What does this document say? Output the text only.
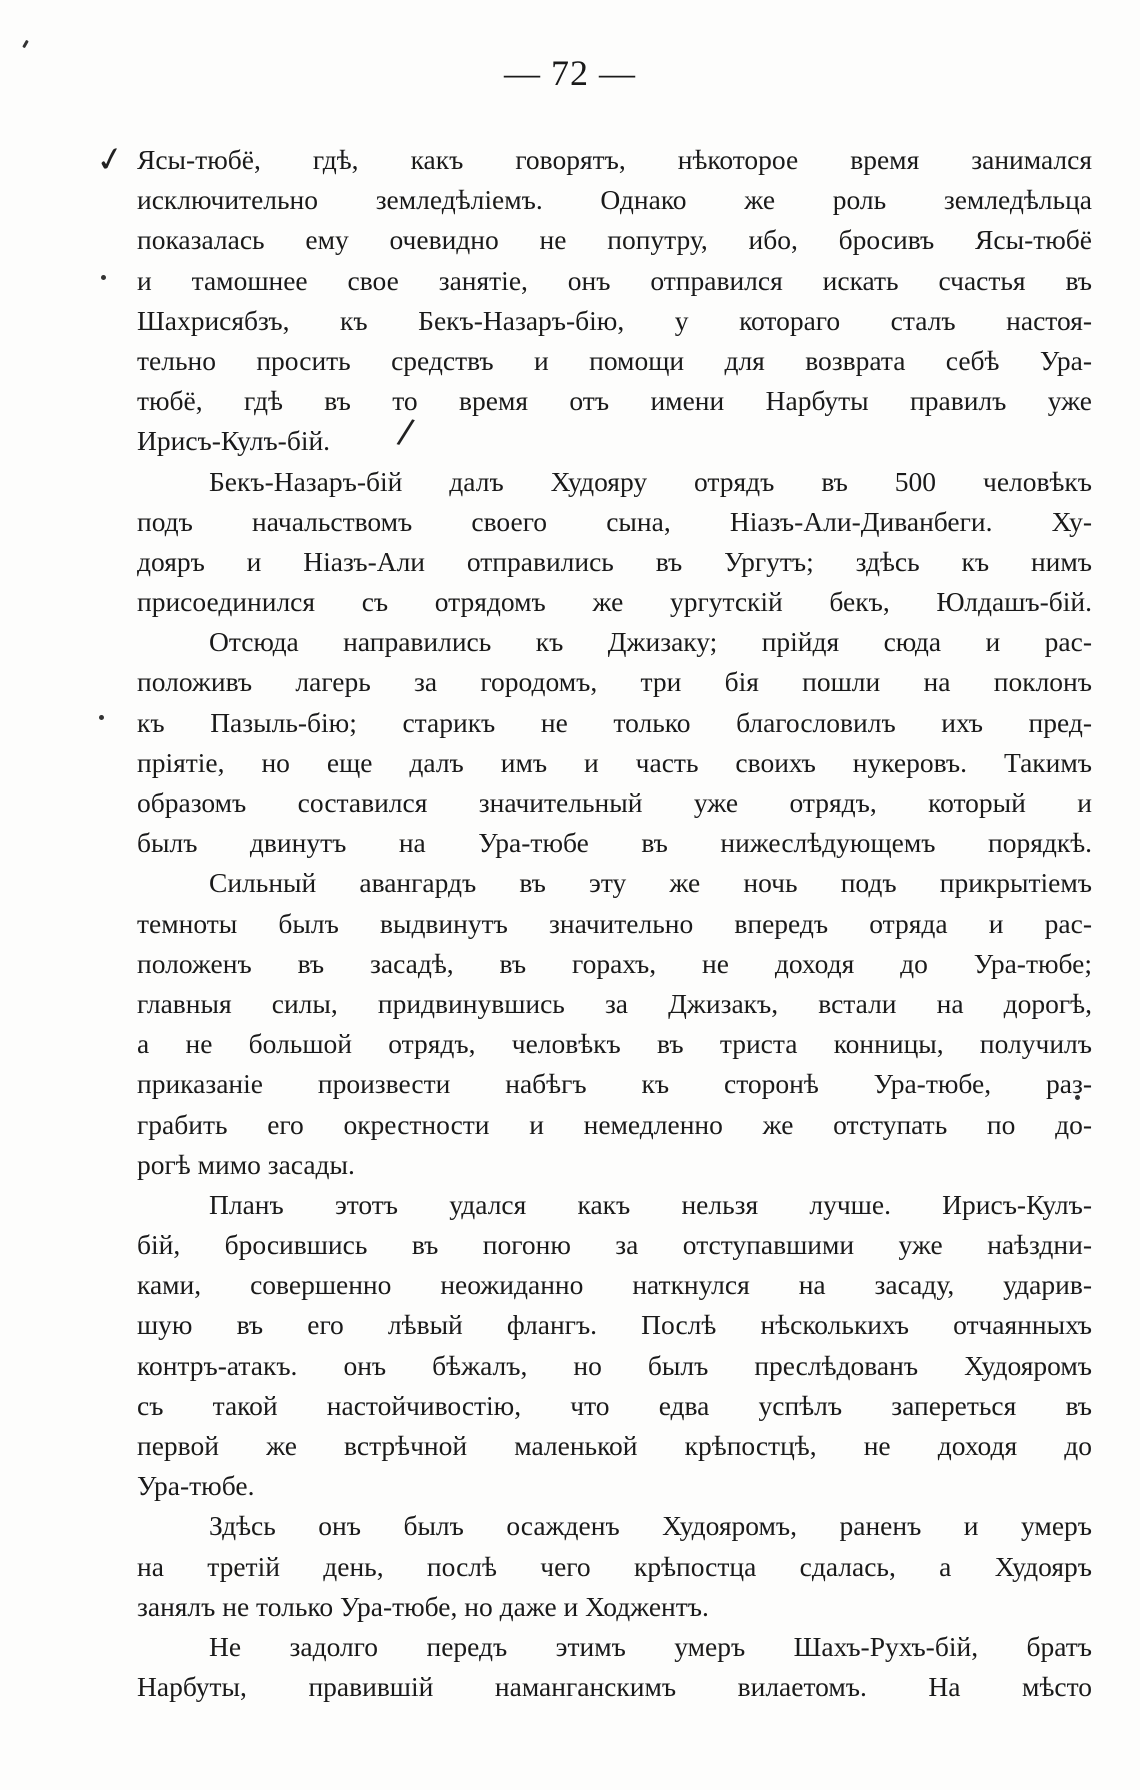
— 72 —
✓
/
Ясы-тюбё, гдѣ, какъ говорятъ, нѣкоторое время занимался
исключительно земледѣліемъ. Однако же роль земледѣльца
показалась ему очевидно не попутру, ибо, бросивъ Ясы-тюбё
и тамошнее свое занятіе, онъ отправился искать счастья въ
Шахрисябзъ, къ Бекъ-Назаръ-бію, у котораго сталъ настоя-
тельно просить средствъ и помощи для возврата себѣ Ура-
тюбё, гдѣ въ то время отъ имени Нарбуты правилъ уже
Ирисъ-Кулъ-бій.
Бекъ-Назаръ-бій далъ Худояру отрядъ въ 500 человѣкъ
подъ начальствомъ своего сына, Ніазъ-Али-Диванбеги. Ху-
дояръ и Ніазъ-Али отправились въ Ургутъ; здѣсь къ нимъ
присоединился съ отрядомъ же ургутскій бекъ, Юлдашъ-бій.
Отсюда направились къ Джизаку; прійдя сюда и рас-
положивъ лагерь за городомъ, три бія пошли на поклонъ
къ Пазыль-бію; старикъ не только благословилъ ихъ пред-
пріятіе, но еще далъ имъ и часть своихъ нукеровъ. Такимъ
образомъ составился значительный уже отрядъ, который и
былъ двинутъ на Ура-тюбе въ нижеслѣдующемъ порядкѣ.
Сильный авангардъ въ эту же ночь подъ прикрытіемъ
темноты былъ выдвинутъ значительно впередъ отряда и рас-
положенъ въ засадѣ, въ горахъ, не доходя до Ура-тюбе;
главныя силы, придвинувшись за Джизакъ, встали на дорогѣ,
а не большой отрядъ, человѣкъ въ триста конницы, получилъ
приказаніе произвести набѣгъ къ сторонѣ Ура-тюбе, раз-
грабить его окрестности и немедленно же отступать по до-
рогѣ мимо засады.
Планъ этотъ удался какъ нельзя лучше. Ирисъ-Кулъ-
бій, бросившись въ погоню за отступавшими уже наѣздни-
ками, совершенно неожиданно наткнулся на засаду, ударив-
шую въ его лѣвый флангъ. Послѣ нѣсколькихъ отчаянныхъ
контръ-атакъ. онъ бѣжалъ, но былъ преслѣдованъ Худояромъ
съ такой настойчивостію, что едва успѣлъ запереться въ
первой же встрѣчной маленькой крѣпостцѣ, не доходя до
Ура-тюбе.
Здѣсь онъ былъ осажденъ Худояромъ, раненъ и умеръ
на третій день, послѣ чего крѣпостца сдалась, а Худояръ
занялъ не только Ура-тюбе, но даже и Ходжентъ.
Не задолго передъ этимъ умеръ Шахъ-Рухъ-бій, братъ
Нарбуты, правившій наманганскимъ вилаетомъ. На мѣсто
